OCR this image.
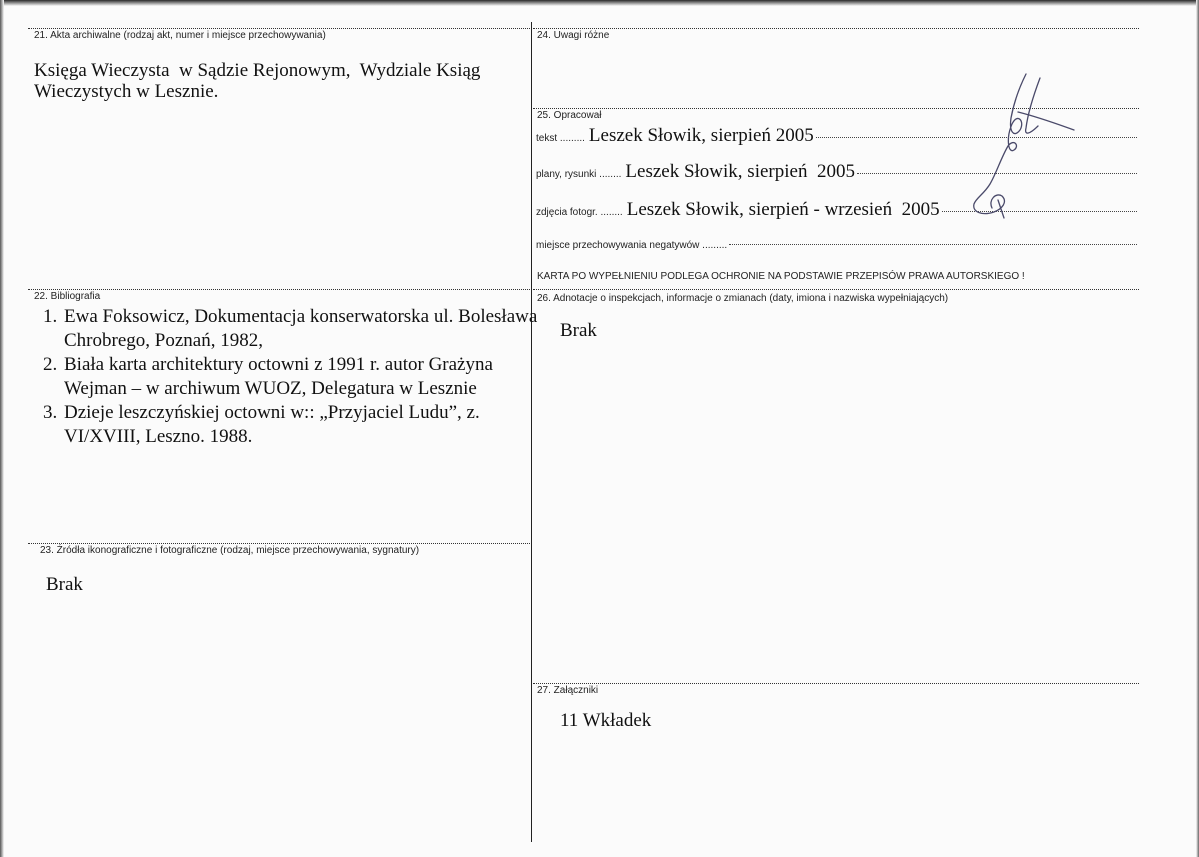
21. Akta archiwalne (rodzaj akt, numer i miejsce przechowywania)
Księga Wieczysta  w Sądzie Rejonowym,  Wydziale Ksiąg
Wieczystych w Lesznie.
24. Uwagi różne
25. Opracował
tekst ......... Leszek Słowik, sierpień 2005
plany, rysunki ........ Leszek Słowik, sierpień  2005
zdjęcia fotogr. ........ Leszek Słowik, sierpień - wrzesień  2005
miejsce przechowywania negatywów .........
KARTA PO WYPEŁNIENIU PODLEGA OCHRONIE NA PODSTAWIE PRZEPISÓW PRAWA AUTORSKIEGO !
22. Bibliografia
1. Ewa Foksowicz, Dokumentacja konserwatorska ul. Bolesława Chrobrego, Poznań, 1982,
2. Biała karta architektury octowni z 1991 r. autor Grażyna Wejman – w archiwum WUOZ, Delegatura w Lesznie
3. Dzieje leszczyńskiej octowni w:: „Przyjaciel Ludu”, z. VI/XVIII, Leszno. 1988.
26. Adnotacje o inspekcjach, informacje o zmianach (daty, imiona i nazwiska wypełniających)
Brak
23. Źródła ikonograficzne i fotograficzne (rodzaj, miejsce przechowywania, sygnatury)
Brak
27. Załączniki
11 Wkładek
